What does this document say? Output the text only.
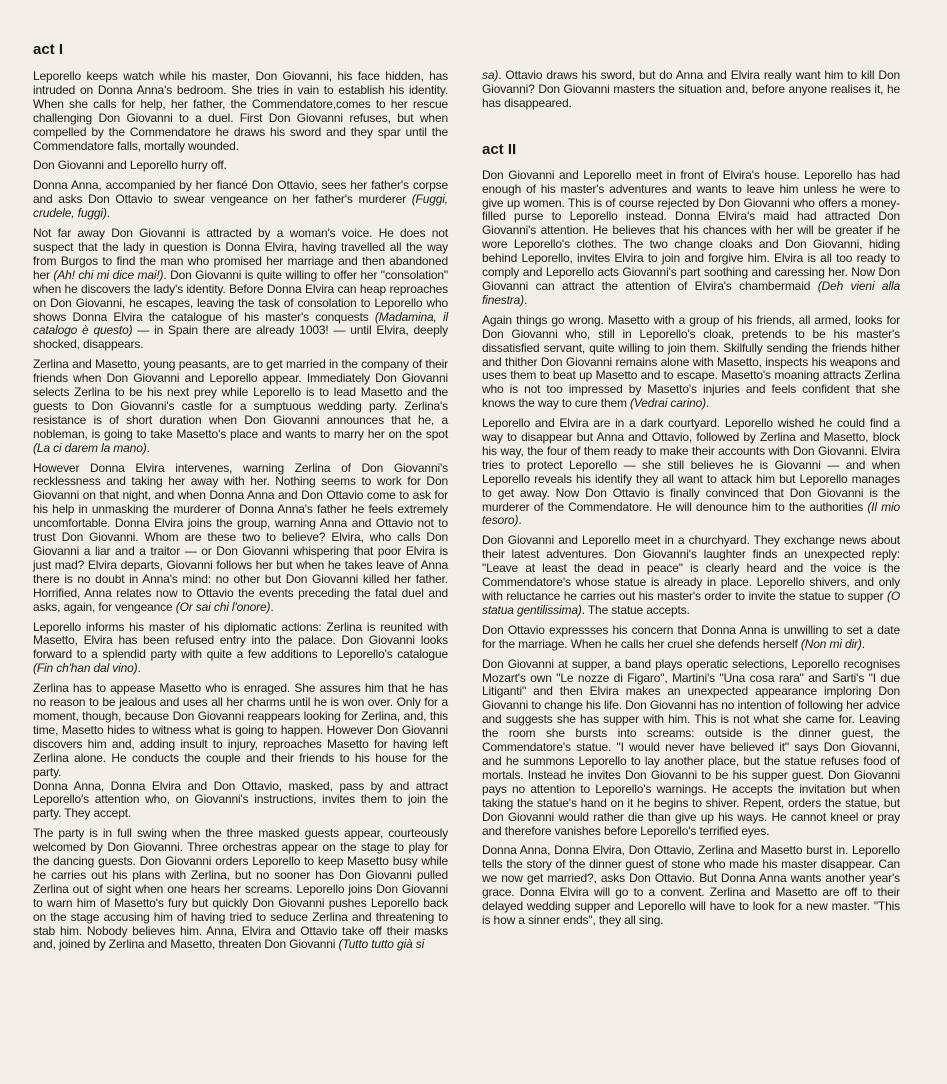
act I

Leporello keeps watch while his master, Don Giovanni, his face hidden, has intruded on Donna Anna's bedroom. She tries in vain to establish his identity. When she calls for help, her father, the Commendatore,comes to her rescue challenging Don Giovanni to a duel. First Don Giovanni refuses, but when compelled by the Commendatore he draws his sword and they spar until the Commendatore falls, mortally wounded.

Don Giovanni and Leporello hurry off.

Donna Anna, accompanied by her fiancé Don Ottavio, sees her father's corpse and asks Don Ottavio to swear vengeance on her father's murderer (Fuggi, crudele, fuggi).

Not far away Don Giovanni is attracted by a woman's voice. He does not suspect that the lady in question is Donna Elvira, having travelled all the way from Burgos to find the man who promised her marriage and then abandoned her (Ah! chi mi dice mai!). Don Giovanni is quite willing to offer her "consolation" when he discovers the lady's identity. Before Donna Elvira can heap reproaches on Don Giovanni, he escapes, leaving the task of consolation to Leporello who shows Donna Elvira the catalogue of his master's conquests (Madamina, il catalogo è questo) — in Spain there are already 1003! — until Elvira, deeply shocked, disappears.

Zerlina and Masetto, young peasants, are to get married in the company of their friends when Don Giovanni and Leporello appear. Immediately Don Giovanni selects Zerlina to be his next prey while Leporello is to lead Masetto and the guests to Don Giovanni's castle for a sumptuous wedding party. Zerlina's resistance is of short duration when Don Giovanni announces that he, a nobleman, is going to take Masetto's place and wants to marry her on the spot (La ci darem la mano).

However Donna Elvira intervenes, warning Zerlina of Don Giovanni's recklessness and taking her away with her. Nothing seems to work for Don Giovanni on that night, and when Donna Anna and Don Ottavio come to ask for his help in unmasking the murderer of Donna Anna's father he feels extremely uncomfortable. Donna Elvira joins the group, warning Anna and Ottavio not to trust Don Giovanni. Whom are these two to believe? Elvira, who calls Don Giovanni a liar and a traitor — or Don Giovanni whispering that poor Elvira is just mad? Elvira departs, Giovanni follows her but when he takes leave of Anna there is no doubt in Anna's mind: no other but Don Giovanni killed her father. Horrified, Anna relates now to Ottavio the events preceding the fatal duel and asks, again, for vengeance (Or sai chi l'onore).

Leporello informs his master of his diplomatic actions: Zerlina is reunited with Masetto, Elvira has been refused entry into the palace. Don Giovanni looks forward to a splendid party with quite a few additions to Leporello's catalogue (Fin ch'han dal vino).

Zerlina has to appease Masetto who is enraged. She assures him that he has no reason to be jealous and uses all her charms until he is won over. Only for a moment, though, because Don Giovanni reappears looking for Zerlina, and, this time, Masetto hides to witness what is going to happen. However Don Giovanni discovers him and, adding insult to injury, reproaches Masetto for having left Zerlina alone. He conducts the couple and their friends to his house for the party.

Donna Anna, Donna Elvira and Don Ottavio, masked, pass by and attract Leporello's attention who, on Giovanni's instructions, invites them to join the party. They accept.

The party is in full swing when the three masked guests appear, courteously welcomed by Don Giovanni. Three orchestras appear on the stage to play for the dancing guests. Don Giovanni orders Leporello to keep Masetto busy while he carries out his plans with Zerlina, but no sooner has Don Giovanni pulled Zerlina out of sight when one hears her screams. Leporello joins Don Giovanni to warn him of Masetto's fury but quickly Don Giovanni pushes Leporello back on the stage accusing him of having tried to seduce Zerlina and threatening to stab him. Nobody believes him. Anna, Elvira and Ottavio take off their masks and, joined by Zerlina and Masetto, threaten Don Giovanni (Tutto tutto già si

sa). Ottavio draws his sword, but do Anna and Elvira really want him to kill Don Giovanni? Don Giovanni masters the situation and, before anyone realises it, he has disappeared.

act II

Don Giovanni and Leporello meet in front of Elvira's house. Leporello has had enough of his master's adventures and wants to leave him unless he were to give up women. This is of course rejected by Don Giovanni who offers a money-filled purse to Leporello instead. Donna Elvira's maid had attracted Don Giovanni's attention. He believes that his chances with her will be greater if he wore Leporello's clothes. The two change cloaks and Don Giovanni, hiding behind Leporello, invites Elvira to join and forgive him. Elvira is all too ready to comply and Leporello acts Giovanni's part soothing and caressing her. Now Don Giovanni can attract the attention of Elvira's chambermaid (Deh vieni alla finestra).

Again things go wrong. Masetto with a group of his friends, all armed, looks for Don Giovanni who, still in Leporello's cloak, pretends to be his master's dissatisfied servant, quite willing to join them. Skilfully sending the friends hither and thither Don Giovanni remains alone with Masetto, inspects his weapons and uses them to beat up Masetto and to escape. Masetto's moaning attracts Zerlina who is not too impressed by Masetto's injuries and feels confident that she knows the way to cure them (Vedrai carino).

Leporello and Elvira are in a dark courtyard. Leporello wished he could find a way to disappear but Anna and Ottavio, followed by Zerlina and Masetto, block his way, the four of them ready to make their accounts with Don Giovanni. Elvira tries to protect Leporello — she still believes he is Giovanni — and when Leporello reveals his identify they all want to attack him but Leporello manages to get away. Now Don Ottavio is finally convinced that Don Giovanni is the murderer of the Commendatore. He will denounce him to the authorities (Il mio tesoro).

Don Giovanni and Leporello meet in a churchyard. They exchange news about their latest adventures. Don Giovanni's laughter finds an unexpected reply: "Leave at least the dead in peace" is clearly heard and the voice is the Commendatore's whose statue is already in place. Leporello shivers, and only with reluctance he carries out his master's order to invite the statue to supper (O statua gentilissima). The statue accepts.

Don Ottavio expressses his concern that Donna Anna is unwilling to set a date for the marriage. When he calls her cruel she defends herself (Non mi dir).

Don Giovanni at supper, a band plays operatic selections, Leporello recognises Mozart's own "Le nozze di Figaro", Martini's "Una cosa rara" and Sarti's "I due Litiganti" and then Elvira makes an unexpected appearance imploring Don Giovanni to change his life. Don Giovanni has no intention of following her advice and suggests she has supper with him. This is not what she came for. Leaving the room she bursts into screams: outside is the dinner guest, the Commendatore's statue. "I would never have believed it" says Don Giovanni, and he summons Leporello to lay another place, but the statue refuses food of mortals. Instead he invites Don Giovanni to be his supper guest. Don Giovanni pays no attention to Leporello's warnings. He accepts the invitation but when taking the statue's hand on it he begins to shiver. Repent, orders the statue, but Don Giovanni would rather die than give up his ways. He cannot kneel or pray and therefore vanishes before Leporello's terrified eyes.

Donna Anna, Donna Elvira, Don Ottavio, Zerlina and Masetto burst in. Leporello tells the story of the dinner guest of stone who made his master disappear. Can we now get married?, asks Don Ottavio. But Donna Anna wants another year's grace. Donna Elvira will go to a convent. Zerlina and Masetto are off to their delayed wedding supper and Leporello will have to look for a new master. "This is how a sinner ends", they all sing.
